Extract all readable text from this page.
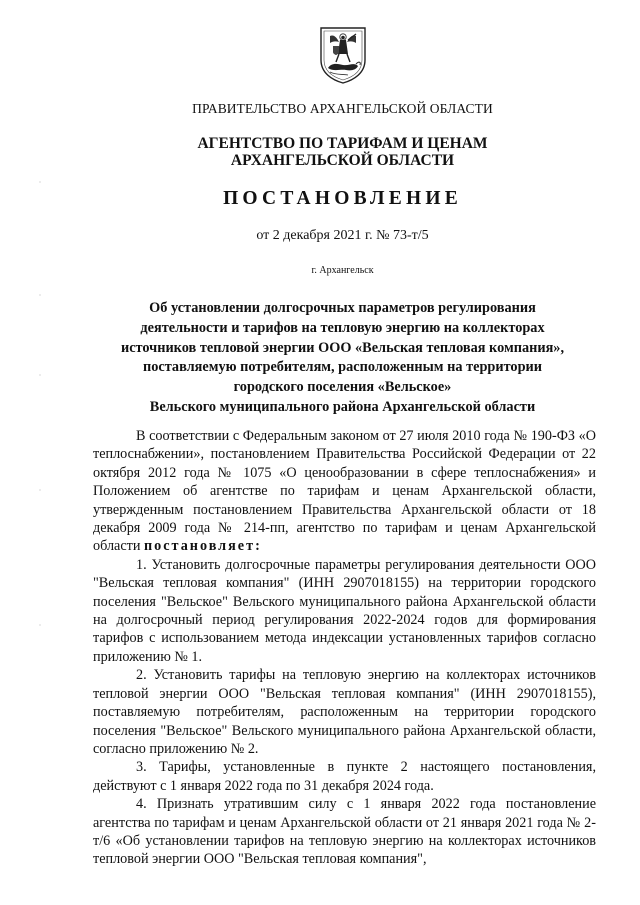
ПРАВИТЕЛЬСТВО АРХАНГЕЛЬСКОЙ ОБЛАСТИ
АГЕНТСТВО ПО ТАРИФАМ И ЦЕНАМ
АРХАНГЕЛЬСКОЙ ОБЛАСТИ
ПОСТАНОВЛЕНИЕ
от 2 декабря 2021 г. № 73-т/5
г. Архангельск
Об установлении долгосрочных параметров регулирования
деятельности и тарифов на тепловую энергию на коллекторах
источников тепловой энергии ООО «Вельская тепловая компания»,
поставляемую потребителям, расположенным на территории
городского поселения «Вельское»
Вельского муниципального района Архангельской области

В соответствии с Федеральным законом от 27 июля 2010 года № 190-ФЗ «О теплоснабжении», постановлением Правительства Российской Федерации от 22 октября 2012 года № 1075 «О ценообразовании в сфере теплоснабжения» и Положением об агентстве по тарифам и ценам Архангельской области, утвержденным постановлением Правительства Архангельской области от 18 декабря 2009 года № 214-пп, агентство по тарифам и ценам Архангельской области постановляет:

1. Установить долгосрочные параметры регулирования деятельности ООО "Вельская тепловая компания" (ИНН 2907018155) на территории городского поселения "Вельское" Вельского муниципального района Архангельской области на долгосрочный период регулирования 2022-2024 годов для формирования тарифов с использованием метода индексации установленных тарифов согласно приложению № 1.

2. Установить тарифы на тепловую энергию на коллекторах источников тепловой энергии ООО "Вельская тепловая компания" (ИНН 2907018155), поставляемую потребителям, расположенным на территории городского поселения "Вельское" Вельского муниципального района Архангельской области, согласно приложению № 2.

3. Тарифы, установленные в пункте 2 настоящего постановления, действуют с 1 января 2022 года по 31 декабря 2024 года.

4. Признать утратившим силу с 1 января 2022 года постановление агентства по тарифам и ценам Архангельской области от 21 января 2021 года № 2-т/6 «Об установлении тарифов на тепловую энергию на коллекторах источников тепловой энергии ООО "Вельская тепловая компания",
